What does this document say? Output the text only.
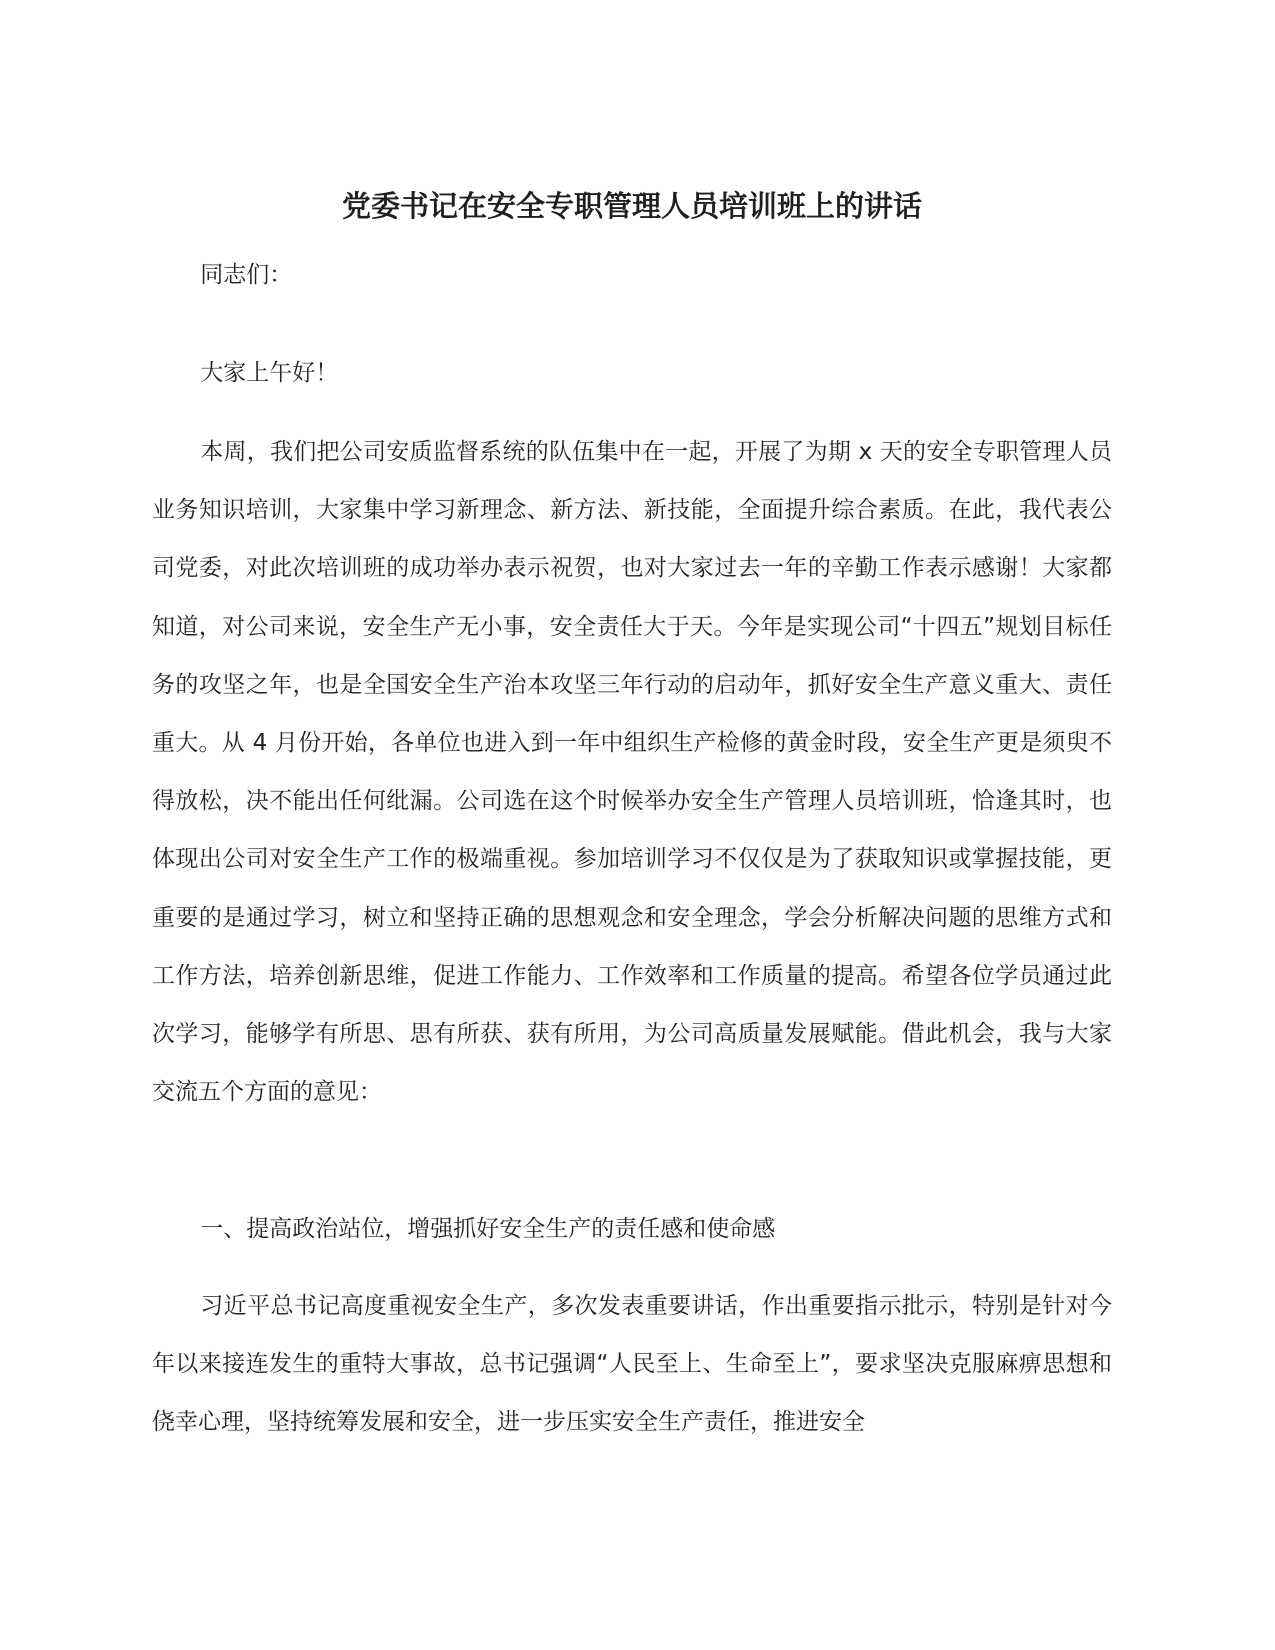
党委书记在安全专职管理人员培训班上的讲话

同志们：

大家上午好！

本周，我们把公司安质监督系统的队伍集中在一起，开展了为期 x 天的安全专职管理人员业务知识培训，大家集中学习新理念、新方法、新技能，全面提升综合素质。在此，我代表公司党委，对此次培训班的成功举办表示祝贺，也对大家过去一年的辛勤工作表示感谢！大家都知道，对公司来说，安全生产无小事，安全责任大于天。今年是实现公司“十四五”规划目标任务的攻坚之年，也是全国安全生产治本攻坚三年行动的启动年，抓好安全生产意义重大、责任重大。从 4 月份开始，各单位也进入到一年中组织生产检修的黄金时段，安全生产更是须臾不得放松，决不能出任何纰漏。公司选在这个时候举办安全生产管理人员培训班，恰逢其时，也体现出公司对安全生产工作的极端重视。参加培训学习不仅仅是为了获取知识或掌握技能，更重要的是通过学习，树立和坚持正确的思想观念和安全理念，学会分析解决问题的思维方式和工作方法，培养创新思维，促进工作能力、工作效率和工作质量的提高。希望各位学员通过此次学习，能够学有所思、思有所获、获有所用，为公司高质量发展赋能。借此机会，我与大家交流五个方面的意见：

一、提高政治站位，增强抓好安全生产的责任感和使命感

习近平总书记高度重视安全生产，多次发表重要讲话，作出重要指示批示，特别是针对今年以来接连发生的重特大事故，总书记强调“人民至上、生命至上”，要求坚决克服麻痹思想和侥幸心理，坚持统筹发展和安全，进一步压实安全生产责任，推进安全
